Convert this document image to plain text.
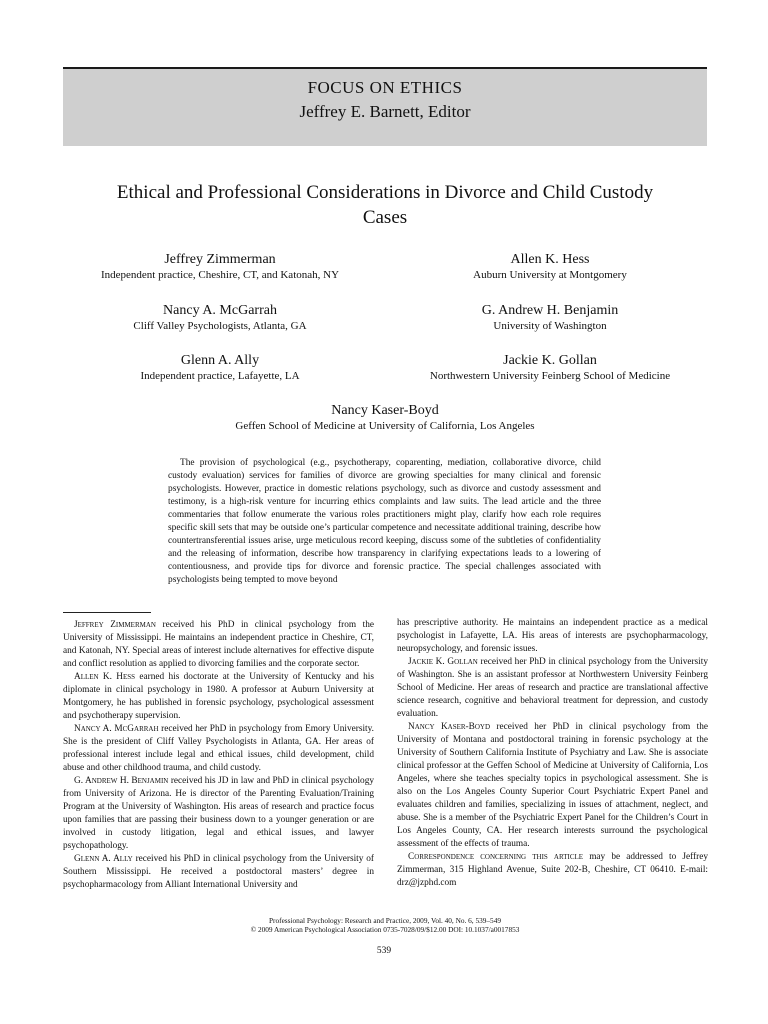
FOCUS ON ETHICS
Jeffrey E. Barnett, Editor
Ethical and Professional Considerations in Divorce and Child Custody Cases
Jeffrey Zimmerman
Independent practice, Cheshire, CT, and Katonah, NY
Allen K. Hess
Auburn University at Montgomery
Nancy A. McGarrah
Cliff Valley Psychologists, Atlanta, GA
G. Andrew H. Benjamin
University of Washington
Glenn A. Ally
Independent practice, Lafayette, LA
Jackie K. Gollan
Northwestern University Feinberg School of Medicine
Nancy Kaser-Boyd
Geffen School of Medicine at University of California, Los Angeles

The provision of psychological (e.g., psychotherapy, coparenting, mediation, collaborative divorce, child custody evaluation) services for families of divorce are growing specialties for many clinical and forensic psychologists. However, practice in domestic relations psychology, such as divorce and custody assessment and testimony, is a high-risk venture for incurring ethics complaints and law suits. The lead article and the three commentaries that follow enumerate the various roles practitioners might play, clarify how each role requires specific skill sets that may be outside one’s particular competence and necessitate additional training, describe how countertransferential issues arise, urge meticulous record keeping, discuss some of the subtleties of confidentiality and the releasing of information, describe how transparency in clarifying expectations leads to a lowering of contentiousness, and provide tips for divorce and forensic practice. The special challenges associated with psychologists being tempted to move beyond

Jeffrey Zimmerman received his PhD in clinical psychology from the University of Mississippi. He maintains an independent practice in Cheshire, CT, and Katonah, NY. Special areas of interest include alternatives for effective dispute and conflict resolution as applied to divorcing families and the corporate sector.

Allen K. Hess earned his doctorate at the University of Kentucky and his diplomate in clinical psychology in 1980. A professor at Auburn University at Montgomery, he has published in forensic psychology, psychological assessment and psychotherapy supervision.

Nancy A. McGarrah received her PhD in psychology from Emory University. She is the president of Cliff Valley Psychologists in Atlanta, GA. Her areas of professional interest include legal and ethical issues, child development, child abuse and other childhood trauma, and child custody.

G. Andrew H. Benjamin received his JD in law and PhD in clinical psychology from University of Arizona. He is director of the Parenting Evaluation/Training Program at the University of Washington. His areas of research and practice focus upon families that are passing their business down to a younger generation or are involved in custody litigation, legal and ethical issues, and lawyer psychopathology.

Glenn A. Ally received his PhD in clinical psychology from the University of Southern Mississippi. He received a postdoctoral masters’ degree in psychopharmacology from Alliant International University and

has prescriptive authority. He maintains an independent practice as a medical psychologist in Lafayette, LA. His areas of interests are psychopharmacology, neuropsychology, and forensic issues.

Jackie K. Gollan received her PhD in clinical psychology from the University of Washington. She is an assistant professor at Northwestern University Feinberg School of Medicine. Her areas of research and practice are translational affective science research, cognitive and behavioral treatment for depression, and custody evaluation.

Nancy Kaser-Boyd received her PhD in clinical psychology from the University of Montana and postdoctoral training in forensic psychology at the University of Southern California Institute of Psychiatry and Law. She is associate clinical professor at the Geffen School of Medicine at University of California, Los Angeles, where she teaches specialty topics in psychological assessment. She is also on the Los Angeles County Superior Court Psychiatric Expert Panel and evaluates children and families, specializing in issues of attachment, neglect, and abuse. She is a member of the Psychiatric Expert Panel for the Children’s Court in Los Angeles County, CA. Her research interests surround the psychological assessment of the effects of trauma.

Correspondence concerning this article may be addressed to Jeffrey Zimmerman, 315 Highland Avenue, Suite 202-B, Cheshire, CT 06410. E-mail: drz@jzphd.com

Professional Psychology: Research and Practice, 2009, Vol. 40, No. 6, 539–549
© 2009 American Psychological Association 0735-7028/09/$12.00 DOI: 10.1037/a0017853
539
